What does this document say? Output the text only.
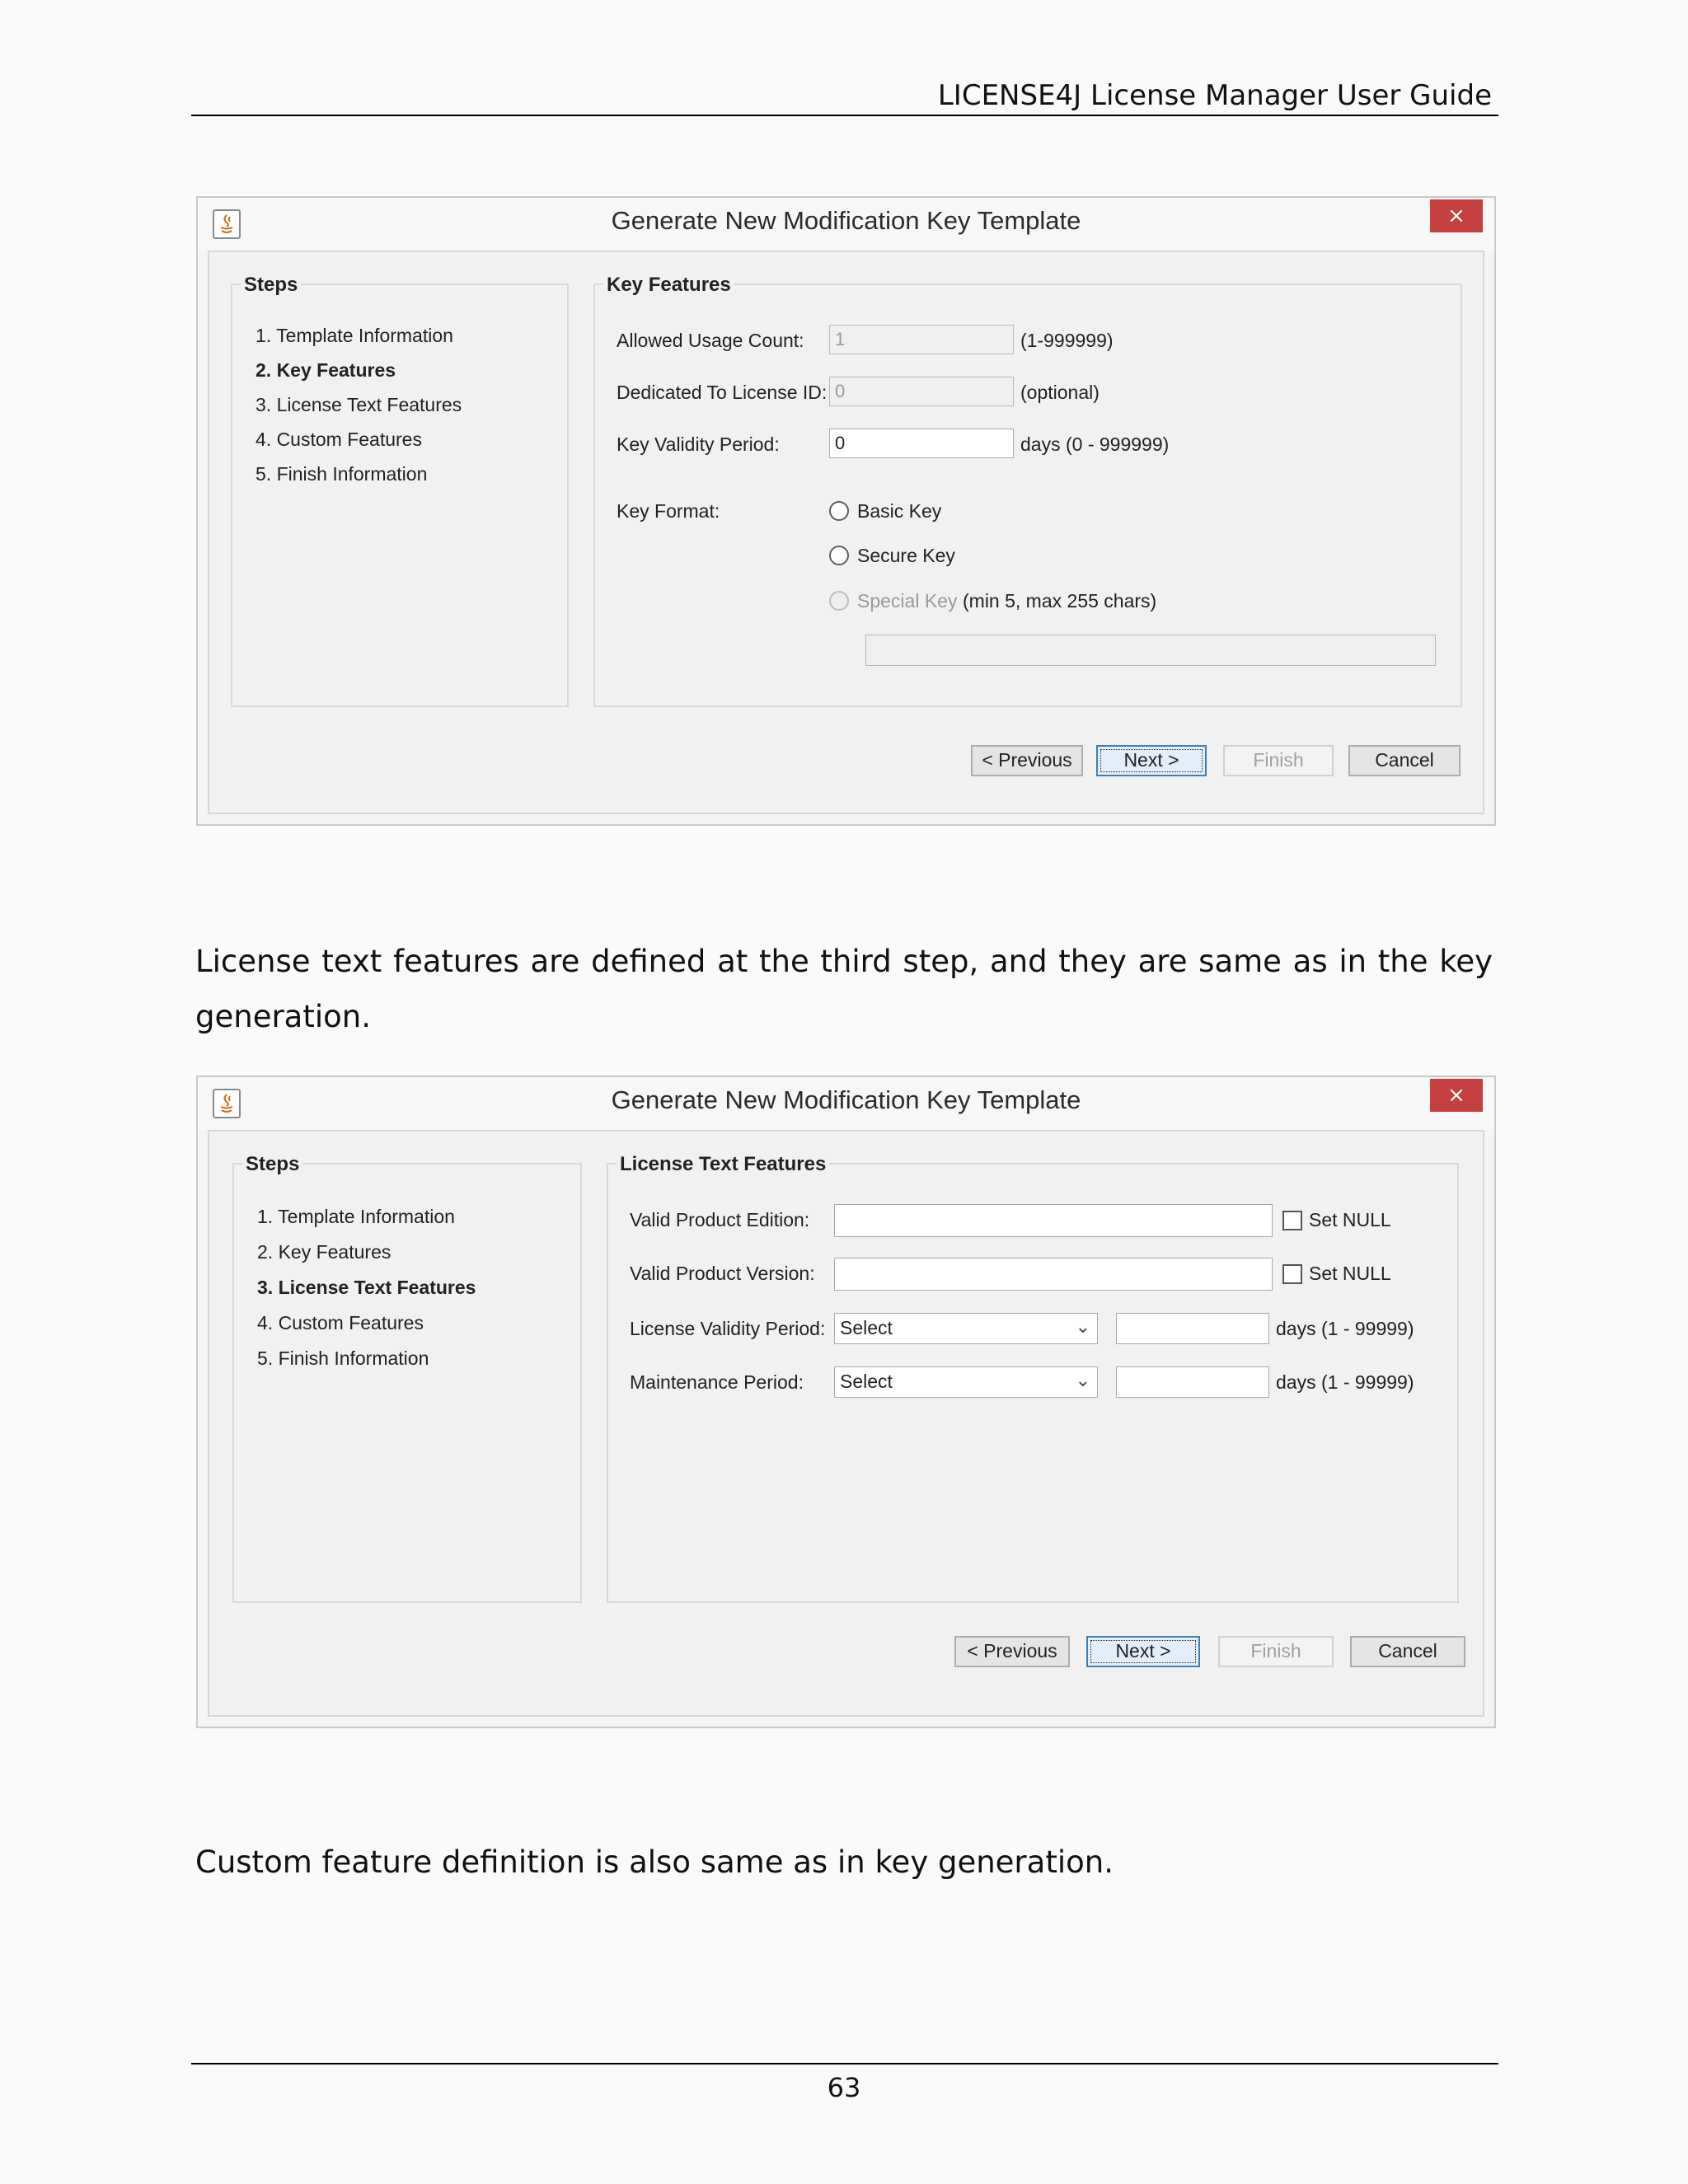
LICENSE4J License Manager User Guide
Generate New Modification Key Template	×
Steps
1. Template Information
2. Key Features
3. License Text Features
4. Custom Features
5. Finish Information
Key Features
Allowed Usage Count:	1	(1-999999)
Dedicated To License ID: 0	(optional)
Key Validity Period:	0	days (0 - 999999)
Key Format:	Basic Key
Secure Key
Special Key (min 5, max 255 chars)
< Previous	Next >	Finish	Cancel
License text features are defined at the third step, and they are same as in the key generation.
Generate New Modification Key Template	×
Steps
1. Template Information
2. Key Features
3. License Text Features
4. Custom Features
5. Finish Information
License Text Features
Valid Product Edition:	Set NULL
Valid Product Version:	Set NULL
License Validity Period: Select	⌄	days (1 - 99999)
Maintenance Period:	Select	⌄	days (1 - 99999)
< Previous	Next >	Finish	Cancel
Custom feature definition is also same as in key generation.
63
